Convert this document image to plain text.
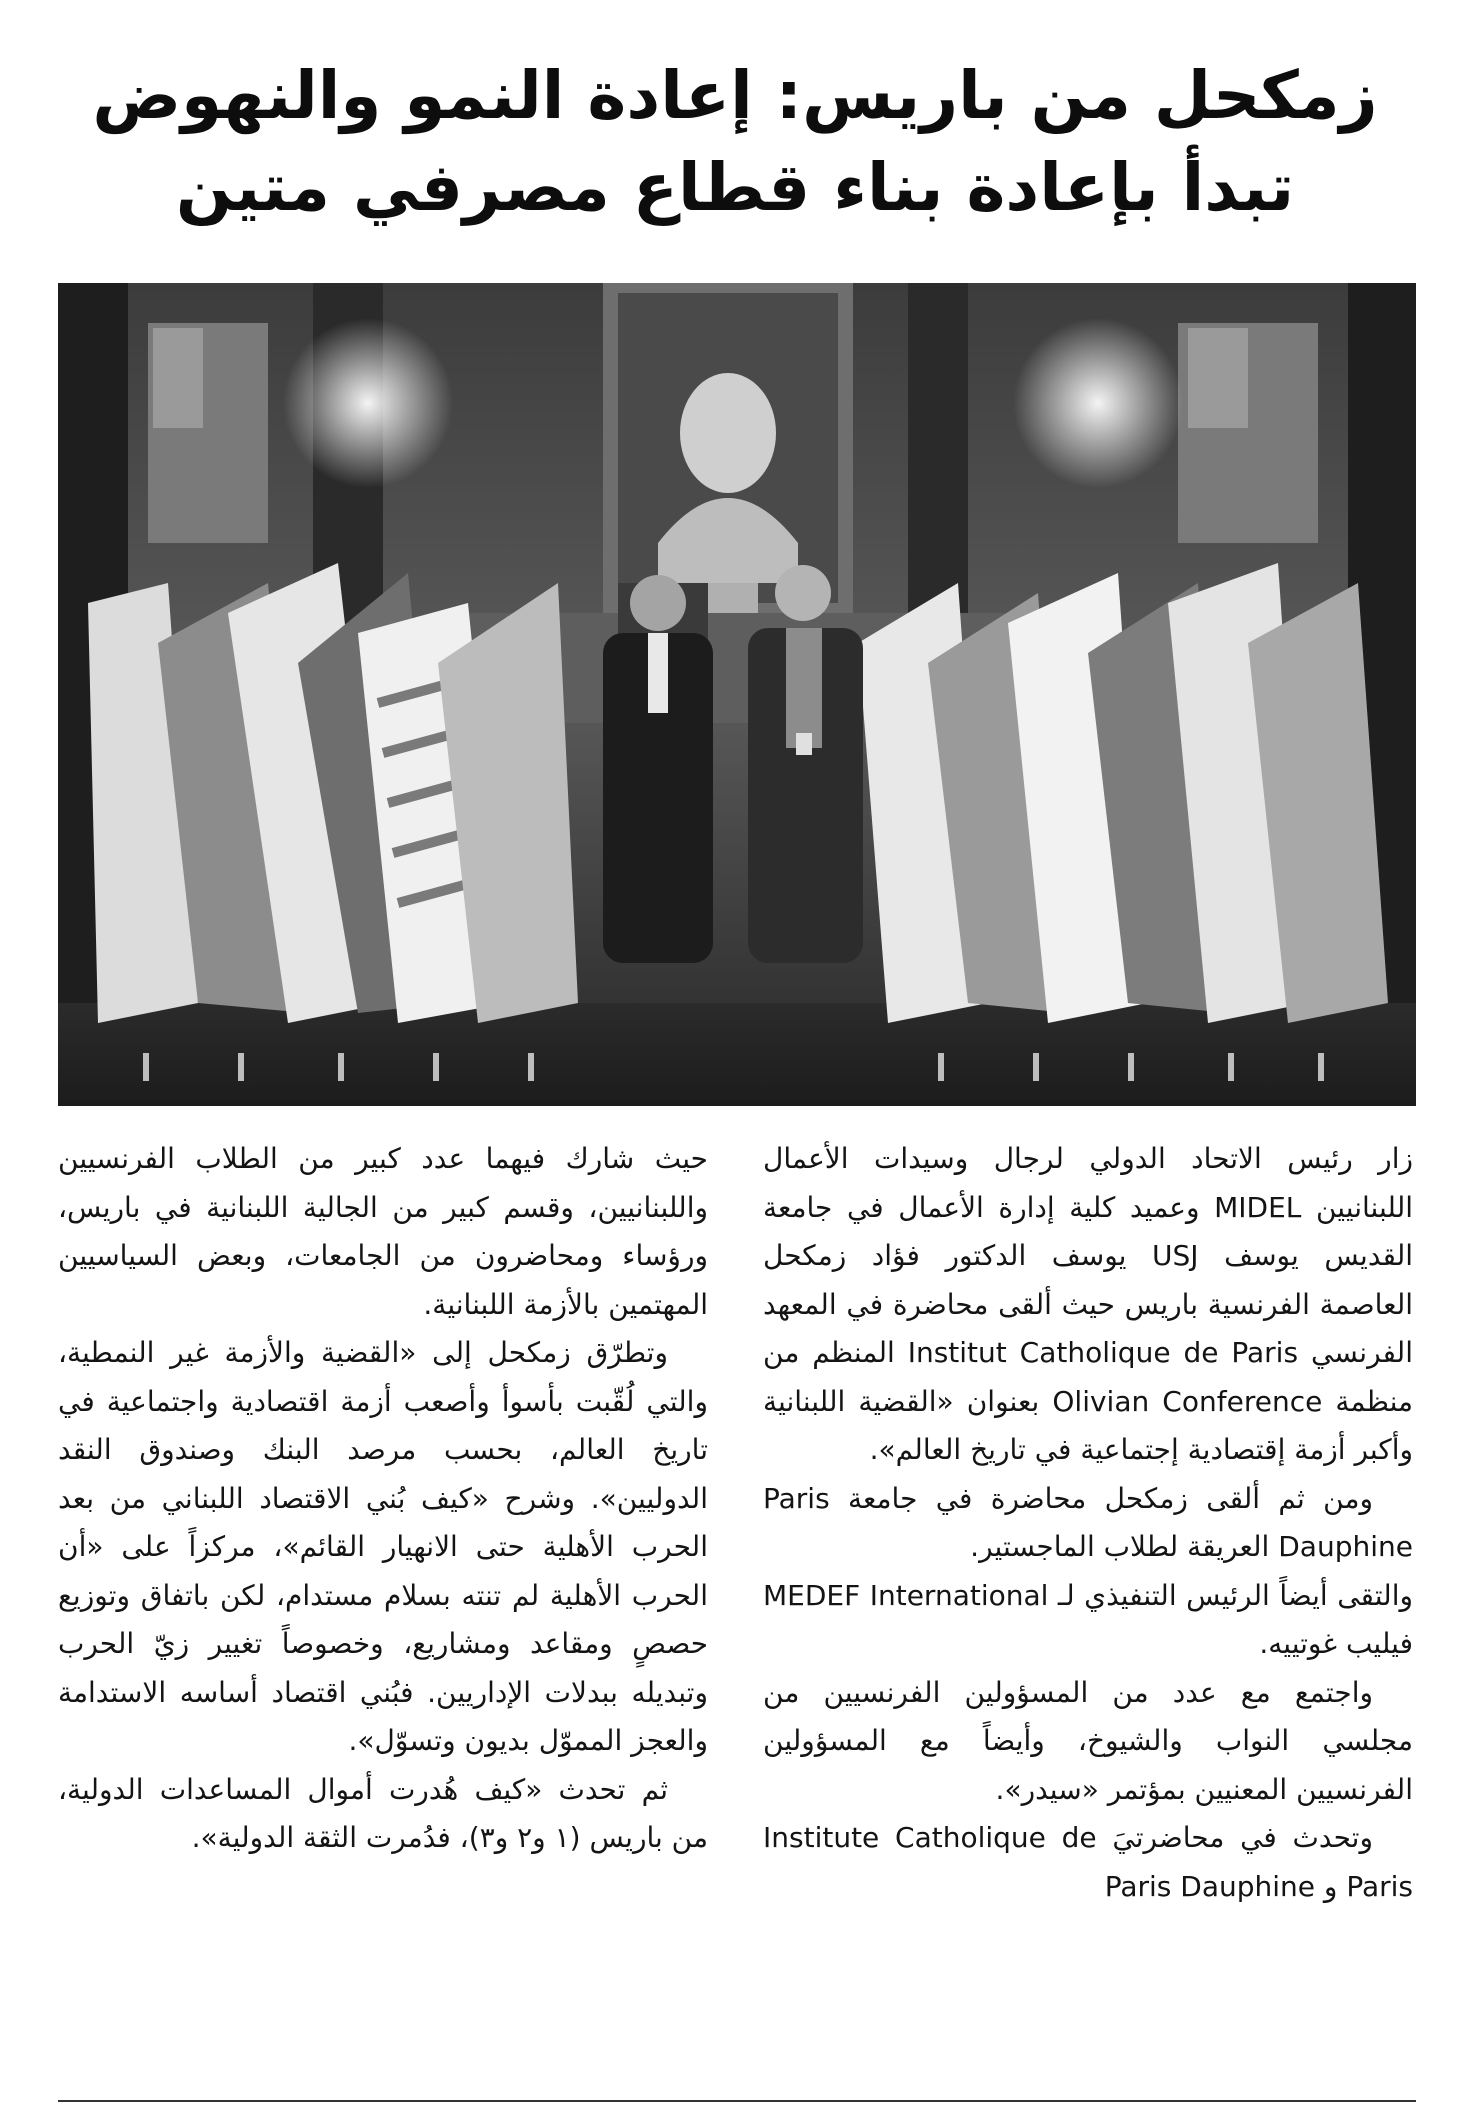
زمكحل من باريس: إعادة النمو والنهوض
تبدأ بإعادة بناء قطاع مصرفي متين

زار رئيس الاتحاد الدولي لرجال وسيدات الأعمال اللبنانيين MIDEL وعميد كلية إدارة الأعمال في جامعة القديس يوسف USJ يوسف الدكتور فؤاد زمكحل العاصمة الفرنسية باريس حيث ألقى محاضرة في المعهد الفرنسي Institut Catholique de Paris المنظم من منظمة Olivian Conference بعنوان «القضية اللبنانية وأكبر أزمة إقتصادية إجتماعية في تاريخ العالم».

ومن ثم ألقى زمكحل محاضرة في جامعة Paris Dauphine العريقة لطلاب الماجستير.

والتقى أيضاً الرئيس التنفيذي لـ MEDEF International فيليب غوتييه.

واجتمع مع عدد من المسؤولين الفرنسيين من مجلسي النواب والشيوخ، وأيضاً مع المسؤولين الفرنسيين المعنيين بمؤتمر «سيدر».

وتحدث في محاضرتيَ Institute Catholique de Paris و Paris Dauphine

حيث شارك فيهما عدد كبير من الطلاب الفرنسيين واللبنانيين، وقسم كبير من الجالية اللبنانية في باريس، ورؤساء ومحاضرون من الجامعات، وبعض السياسيين المهتمين بالأزمة اللبنانية.

وتطرّق زمكحل إلى «القضية والأزمة غير النمطية، والتي لُقّبت بأسوأ وأصعب أزمة اقتصادية واجتماعية في تاريخ العالم، بحسب مرصد البنك وصندوق النقد الدوليين». وشرح «كيف بُني الاقتصاد اللبناني من بعد الحرب الأهلية حتى الانهيار القائم»، مركزاً على «أن الحرب الأهلية لم تنته بسلام مستدام، لكن باتفاق وتوزيع حصصٍ ومقاعد ومشاريع، وخصوصاً تغيير زيّ الحرب وتبديله ببدلات الإداريين. فبُني اقتصاد أساسه الاستدامة والعجز المموّل بديون وتسوّل».

ثم تحدث «كيف هُدرت أموال المساعدات الدولية، من باريس (١ و٢ و٣)، فدُمرت الثقة الدولية».
